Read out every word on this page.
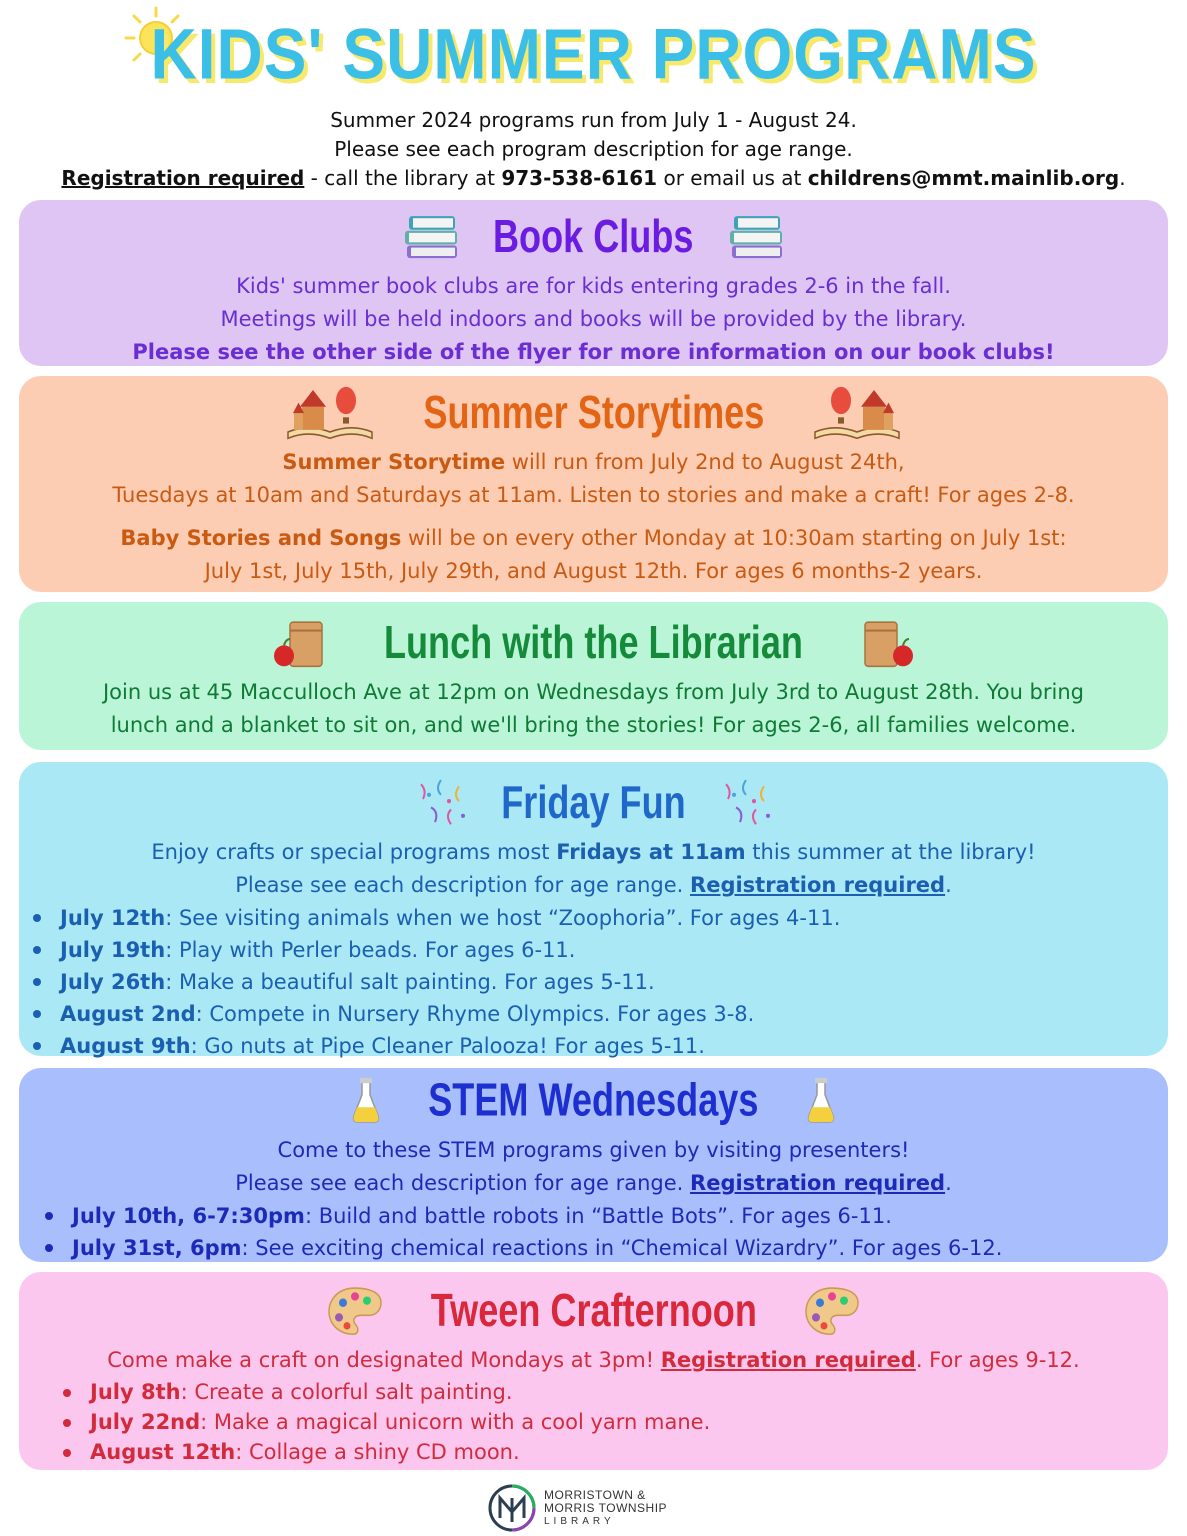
KIDS' SUMMER PROGRAMS
Summer 2024 programs run from July 1 - August 24.
Please see each program description for age range.
Registration required - call the library at 973-538-6161 or email us at childrens@mmt.mainlib.org.
Book Clubs

Kids' summer book clubs are for kids entering grades 2-6 in the fall.

Meetings will be held indoors and books will be provided by the library.

Please see the other side of the flyer for more information on our book clubs!

Summer Storytimes

Summer Storytime will run from July 2nd to August 24th,

Tuesdays at 10am and Saturdays at 11am. Listen to stories and make a craft! For ages 2-8.

Baby Stories and Songs will be on every other Monday at 10:30am starting on July 1st:

July 1st, July 15th, July 29th, and August 12th. For ages 6 months-2 years.

Lunch with the Librarian

Join us at 45 Macculloch Ave at 12pm on Wednesdays from July 3rd to August 28th. You bring

lunch and a blanket to sit on, and we'll bring the stories! For ages 2-6, all families welcome.

Friday Fun

Enjoy crafts or special programs most Fridays at 11am this summer at the library!

Please see each description for age range. Registration required.

July 12th: See visiting animals when we host “Zoophoria”. For ages 4-11.
July 19th: Play with Perler beads. For ages 6-11.
July 26th: Make a beautiful salt painting. For ages 5-11.
August 2nd: Compete in Nursery Rhyme Olympics. For ages 3-8.
August 9th: Go nuts at Pipe Cleaner Palooza! For ages 5-11.
STEM Wednesdays

Come to these STEM programs given by visiting presenters!

Please see each description for age range. Registration required.

July 10th, 6-7:30pm: Build and battle robots in “Battle Bots”. For ages 6-11.
July 31st, 6pm: See exciting chemical reactions in “Chemical Wizardry”. For ages 6-12.
Tween Crafternoon

Come make a craft on designated Mondays at 3pm! Registration required. For ages 9-12.

July 8th: Create a colorful salt painting.
July 22nd: Make a magical unicorn with a cool yarn mane.
August 12th: Collage a shiny CD moon.
MORRISTOWN &
MORRIS TOWNSHIP
LIBRARY
